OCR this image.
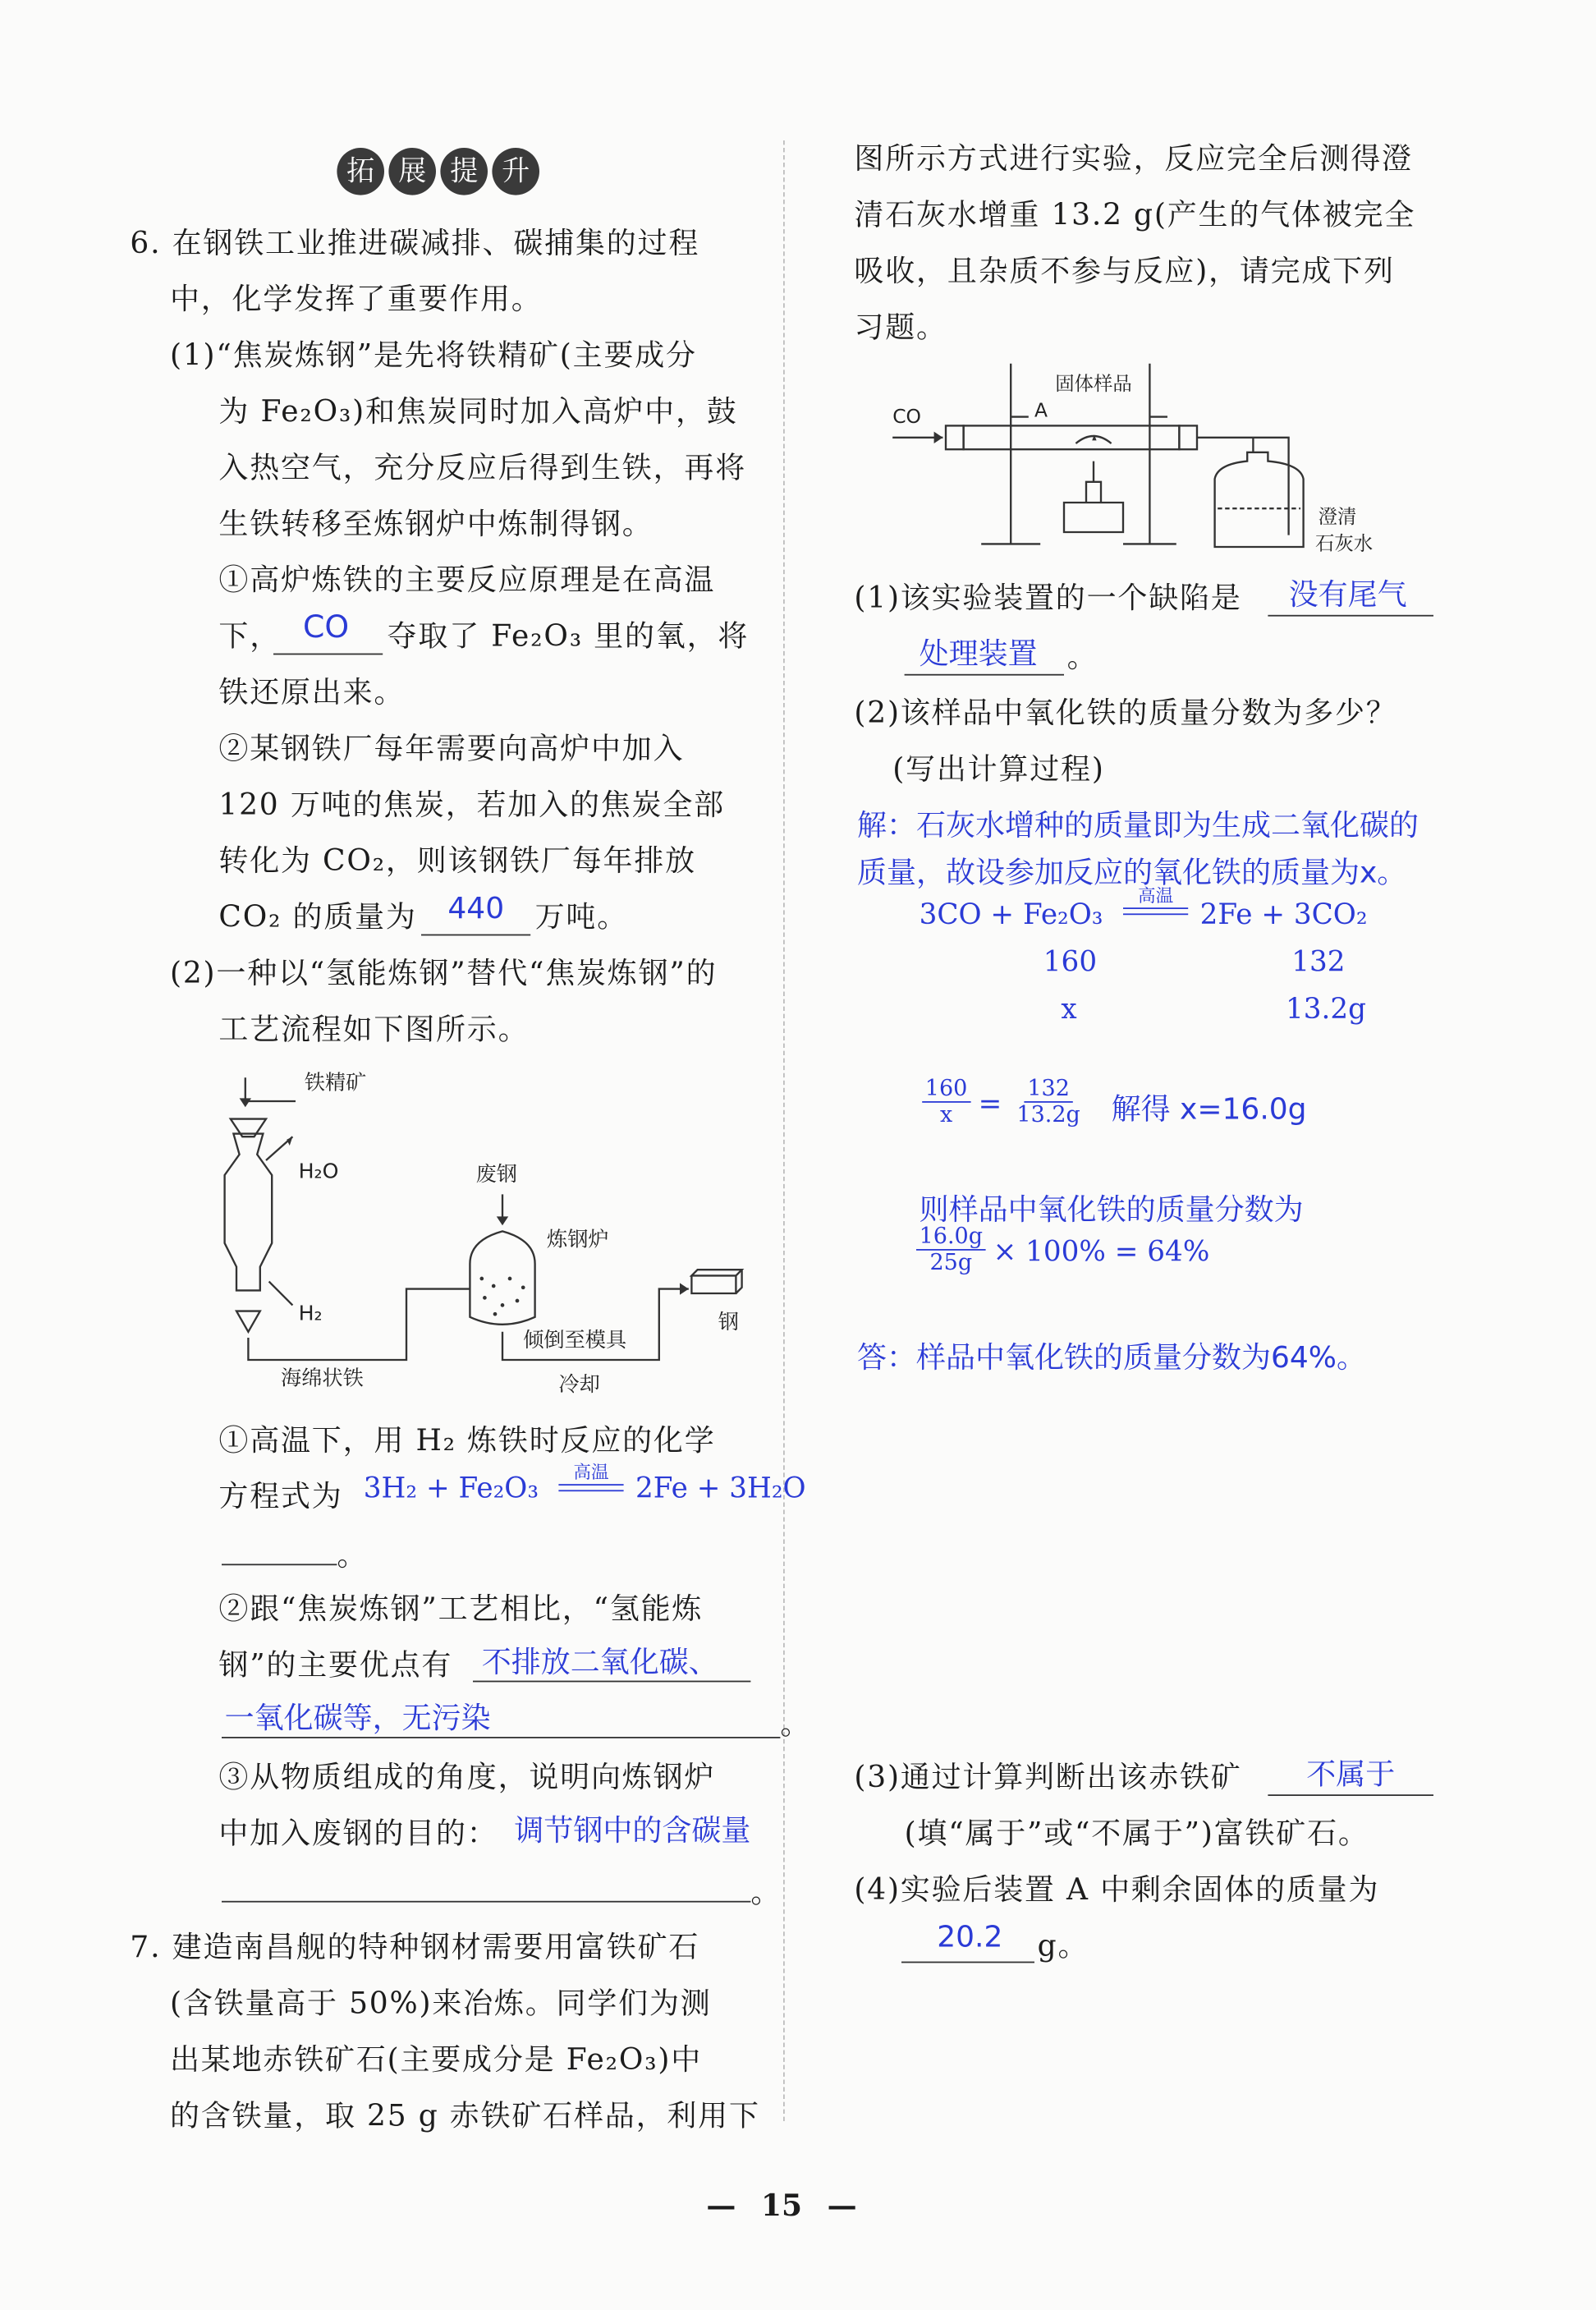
拓	展	提	升
6. 在钢铁工业推进碳减排、碳捕集的过程
中，化学发挥了重要作用。
(1)“焦炭炼钢”是先将铁精矿(主要成分
为 Fe₂O₃)和焦炭同时加入高炉中，鼓
入热空气，充分反应后得到生铁，再将
生铁转移至炼钢炉中炼制得钢。
①高炉炼铁的主要反应原理是在高温
下， CO 夺取了 Fe₂O₃ 里的氧，将
铁还原出来。
②某钢铁厂每年需要向高炉中加入
120 万吨的焦炭，若加入的焦炭全部
转化为 CO₂，则该钢铁厂每年排放
CO₂ 的质量为 440 万吨。
(2)一种以“氢能炼钢”替代“焦炭炼钢”的
工艺流程如下图所示。
铁精矿
H₂O
H₂
废钢
炼钢炉
海绵状铁
倾倒至模具
冷却
钢
①高温下，用 H₂ 炼铁时反应的化学
方程式为 3H₂ + Fe₂O₃	高温 2Fe + 3H₂O
。
②跟“焦炭炼钢”工艺相比，“氢能炼
钢”的主要优点有 不排放二氧化碳、
一氧化碳等，无污染	。
③从物质组成的角度，说明向炼钢炉
中加入废钢的目的： 调节钢中的含碳量
。
7. 建造南昌舰的特种钢材需要用富铁矿石
(含铁量高于 50%)来冶炼。同学们为测
出某地赤铁矿石(主要成分是 Fe₂O₃)中
的含铁量，取 25 g 赤铁矿石样品，利用下
图所示方式进行实验，反应完全后测得澄
清石灰水增重 13.2 g(产生的气体被完全
吸收，且杂质不参与反应)，请完成下列
习题。
CO
固体样品
A
澄清
石灰水
(1)该实验装置的一个缺陷是	没有尾气
处理装置 。
(2)该样品中氧化铁的质量分数为多少？
(写出计算过程)
解：石灰水增种的质量即为生成二氧化碳的
质量，故设参加反应的氧化铁的质量为x。
3CO + Fe₂O₃
高温
2Fe + 3CO₂
160	132
x	13.2g
$\frac{160}{x} = \frac{132}{13.2g}$ 解得 x=16.0g
则样品中氧化铁的质量分数为
$\frac{16.0g}{25g} \times 100\% = 64\%$
答：样品中氧化铁的质量分数为64%。
(3)通过计算判断出该赤铁矿	不属于
(填“属于”或“不属于”)富铁矿石。
(4)实验后装置 A 中剩余固体的质量为
20.2 g。
— 15 —
